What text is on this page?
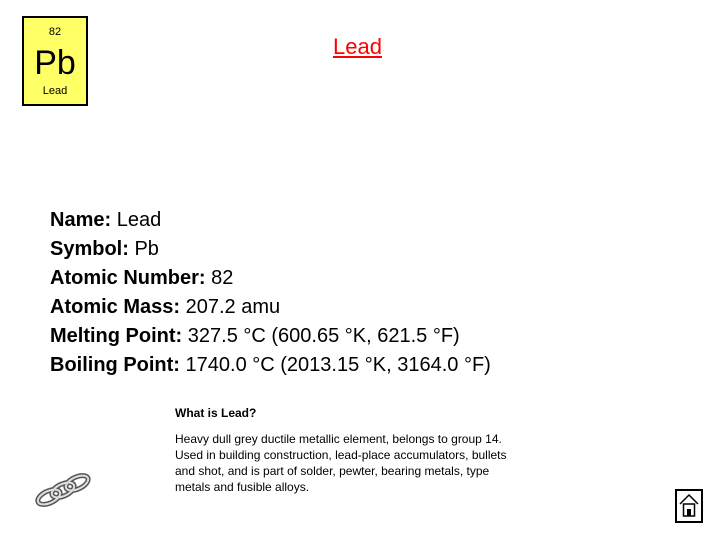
82
Pb
Lead
Lead
Name: Lead
Symbol: Pb
Atomic Number: 82
Atomic Mass: 207.2 amu
Melting Point: 327.5 °C (600.65 °K, 621.5 °F)
Boiling Point: 1740.0 °C (2013.15 °K, 3164.0 °F)
What is Lead?
Heavy dull grey ductile metallic element, belongs to group 14. Used in building construction, lead-place accumulators, bullets and shot, and is part of solder, pewter, bearing metals, type metals and fusible alloys.
